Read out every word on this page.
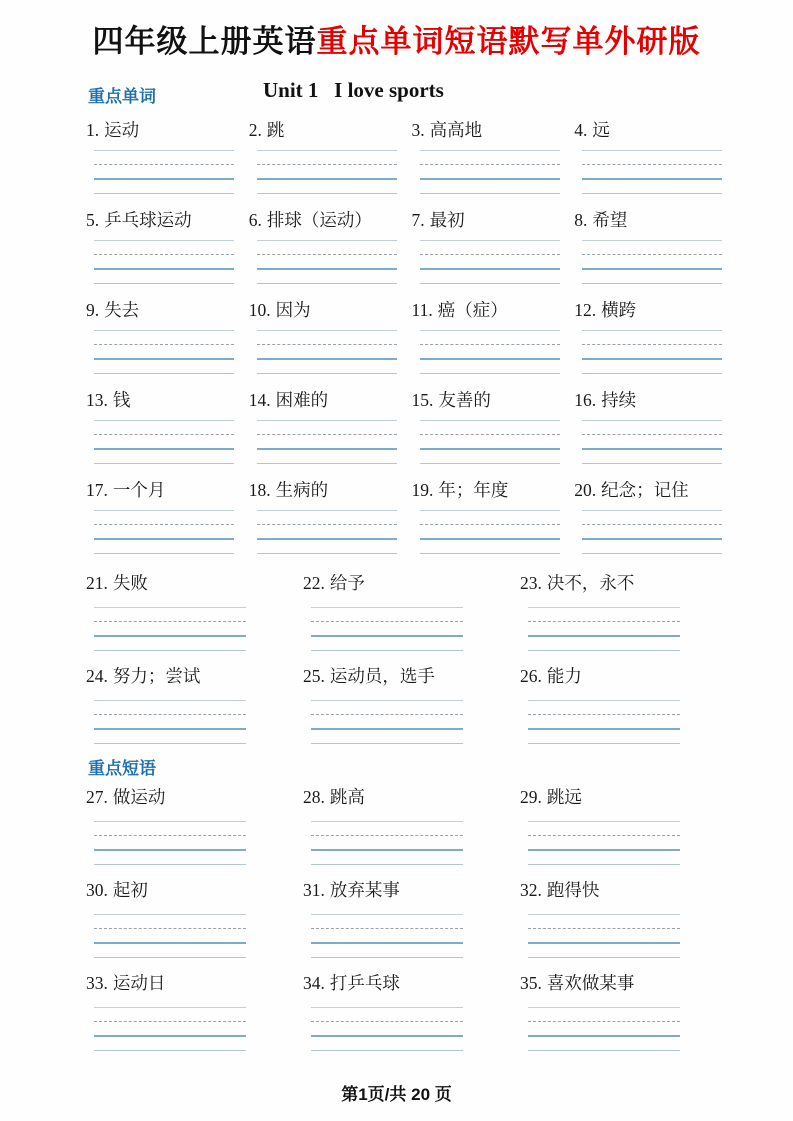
四年级上册英语重点单词短语默写单外研版
重点单词	Unit 1   I love sports
1. 运动	2. 跳	3. 高高地	4. 远
5. 乒乓球运动	6. 排球（运动）	7. 最初	8. 希望
9. 失去	10. 因为	11. 癌（症）	12. 横跨
13. 钱	14. 困难的	15. 友善的	16. 持续
17. 一个月	18. 生病的	19. 年；年度	20. 纪念；记住
21. 失败	22. 给予	23. 决不，永不
24. 努力；尝试	25. 运动员，选手	26. 能力
重点短语
27. 做运动	28. 跳高	29. 跳远
30. 起初	31. 放弃某事	32. 跑得快
33. 运动日	34. 打乒乓球	35. 喜欢做某事
第1页/共 20 页
